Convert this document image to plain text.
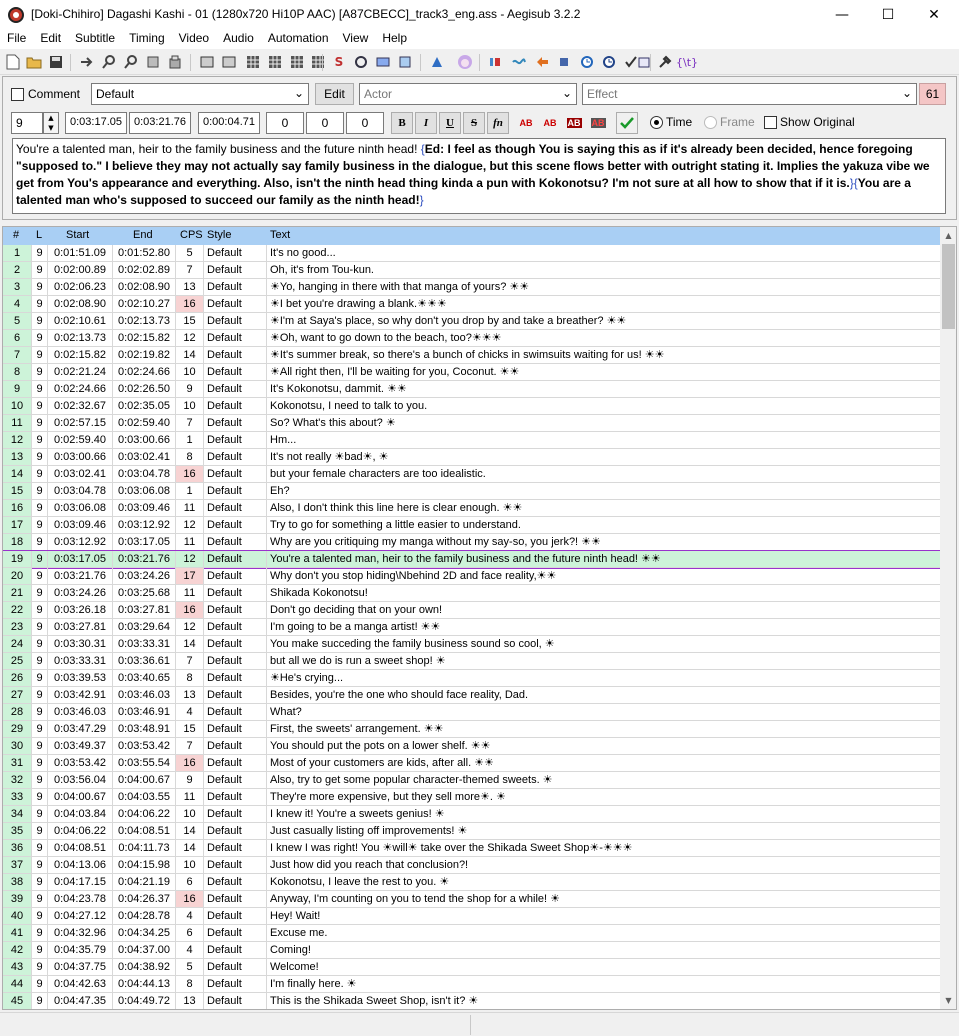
[Doki-Chihiro] Dagashi Kashi - 01 (1280x720 Hi10P AAC) [A87CBECC]_track3_eng.ass - Aegisub 3.2.2	—	☐	✕
File	Edit	Subtitle	Timing	Video	Audio	Automation	View	Help
S	{\t}
Comment	Default	⌄	Edit	Actor	⌄	Effect	⌄	61
9	▲
▼	0:03:17.05	0:03:21.76	0:00:04.71	0	0	0	B	I	U	S	fn	AB AB AB AB	Time Frame Show Original
You're a talented man, heir to the family business and the future ninth head! {Ed: I feel as though You is saying this as if it's already been decided, hence foregoing "supposed to." I believe they may not actually say family business in the dialogue, but this scene flows better with outright stating it. Implies the yakuza vibe we get from You's appearance and everything. Also, isn't the ninth head thing kinda a pun with Kokonotsu? I'm not sure at all how to show that if it is.}{You are a talented man who's supposed to succeed our family as the ninth head!}
# L Start	End CPS Style	Text
1	9	0:01:51.09	0:01:52.80	5	Default	It's no good...
2	9	0:02:00.89	0:02:02.89	7	Default	Oh, it's from Tou-kun.
3	9	0:02:06.23	0:02:08.90	13	Default	☀Yo, hanging in there with that manga of yours? ☀☀
4	9	0:02:08.90	0:02:10.27	16	Default	☀I bet you're drawing a blank.☀☀☀
5	9	0:02:10.61	0:02:13.73	15	Default	☀I'm at Saya's place, so why don't you drop by and take a breather? ☀☀
6	9	0:02:13.73	0:02:15.82	12	Default	☀Oh, want to go down to the beach, too?☀☀☀
7	9	0:02:15.82	0:02:19.82	14	Default	☀It's summer break, so there's a bunch of chicks in swimsuits waiting for us! ☀☀
8	9	0:02:21.24	0:02:24.66	10	Default	☀All right then, I'll be waiting for you, Coconut. ☀☀
9	9	0:02:24.66	0:02:26.50	9	Default	It's Kokonotsu, dammit. ☀☀
10	9	0:02:32.67	0:02:35.05	10	Default	Kokonotsu, I need to talk to you.
11	9	0:02:57.15	0:02:59.40	7	Default	So? What's this about? ☀
12	9	0:02:59.40	0:03:00.66	1	Default	Hm...
13	9	0:03:00.66	0:03:02.41	8	Default	It's not really ☀bad☀, ☀
14	9	0:03:02.41	0:03:04.78	16	Default	but your female characters are too idealistic.
15	9	0:03:04.78	0:03:06.08	1	Default	Eh?
16	9	0:03:06.08	0:03:09.46	11	Default	Also, I don't think this line here is clear enough. ☀☀
17	9	0:03:09.46	0:03:12.92	12	Default	Try to go for something a little easier to understand.
18	9	0:03:12.92	0:03:17.05	11	Default	Why are you critiquing my manga without my say-so, you jerk?! ☀☀
19	9	0:03:17.05	0:03:21.76	12	Default	You're a talented man, heir to the family business and the future ninth head! ☀☀
20	9	0:03:21.76	0:03:24.26	17	Default	Why don't you stop hiding\Nbehind 2D and face reality,☀☀
21	9	0:03:24.26	0:03:25.68	11	Default	Shikada Kokonotsu!
22	9	0:03:26.18	0:03:27.81	16	Default	Don't go deciding that on your own!
23	9	0:03:27.81	0:03:29.64	12	Default	I'm going to be a manga artist! ☀☀
24	9	0:03:30.31	0:03:33.31	14	Default	You make succeding the family business sound so cool, ☀
25	9	0:03:33.31	0:03:36.61	7	Default	but all we do is run a sweet shop! ☀
26	9	0:03:39.53	0:03:40.65	8	Default	☀He's crying...
27	9	0:03:42.91	0:03:46.03	13	Default	Besides, you're the one who should face reality, Dad.
28	9	0:03:46.03	0:03:46.91	4	Default	What?
29	9	0:03:47.29	0:03:48.91	15	Default	First, the sweets' arrangement. ☀☀
30	9	0:03:49.37	0:03:53.42	7	Default	You should put the pots on a lower shelf. ☀☀
31	9	0:03:53.42	0:03:55.54	16	Default	Most of your customers are kids, after all. ☀☀
32	9	0:03:56.04	0:04:00.67	9	Default	Also, try to get some popular character-themed sweets. ☀
33	9	0:04:00.67	0:04:03.55	11	Default	They're more expensive, but they sell more☀. ☀
34	9	0:04:03.84	0:04:06.22	10	Default	I knew it! You're a sweets genius! ☀
35	9	0:04:06.22	0:04:08.51	14	Default	Just casually listing off improvements! ☀
36	9	0:04:08.51	0:04:11.73	14	Default	I knew I was right! You ☀will☀ take over the Shikada Sweet Shop☀-☀☀☀
37	9	0:04:13.06	0:04:15.98	10	Default	Just how did you reach that conclusion?!
38	9	0:04:17.15	0:04:21.19	6	Default	Kokonotsu, I leave the rest to you. ☀
39	9	0:04:23.78	0:04:26.37	16	Default	Anyway, I'm counting on you to tend the shop for a while! ☀
40	9	0:04:27.12	0:04:28.78	4	Default	Hey! Wait!
41	9	0:04:32.96	0:04:34.25	6	Default	Excuse me.
42	9	0:04:35.79	0:04:37.00	4	Default	Coming!
43	9	0:04:37.75	0:04:38.92	5	Default	Welcome!
44	9	0:04:42.63	0:04:44.13	8	Default	I'm finally here. ☀
45	9	0:04:47.35	0:04:49.72	13	Default	This is the Shikada Sweet Shop, isn't it? ☀
▲
▼
